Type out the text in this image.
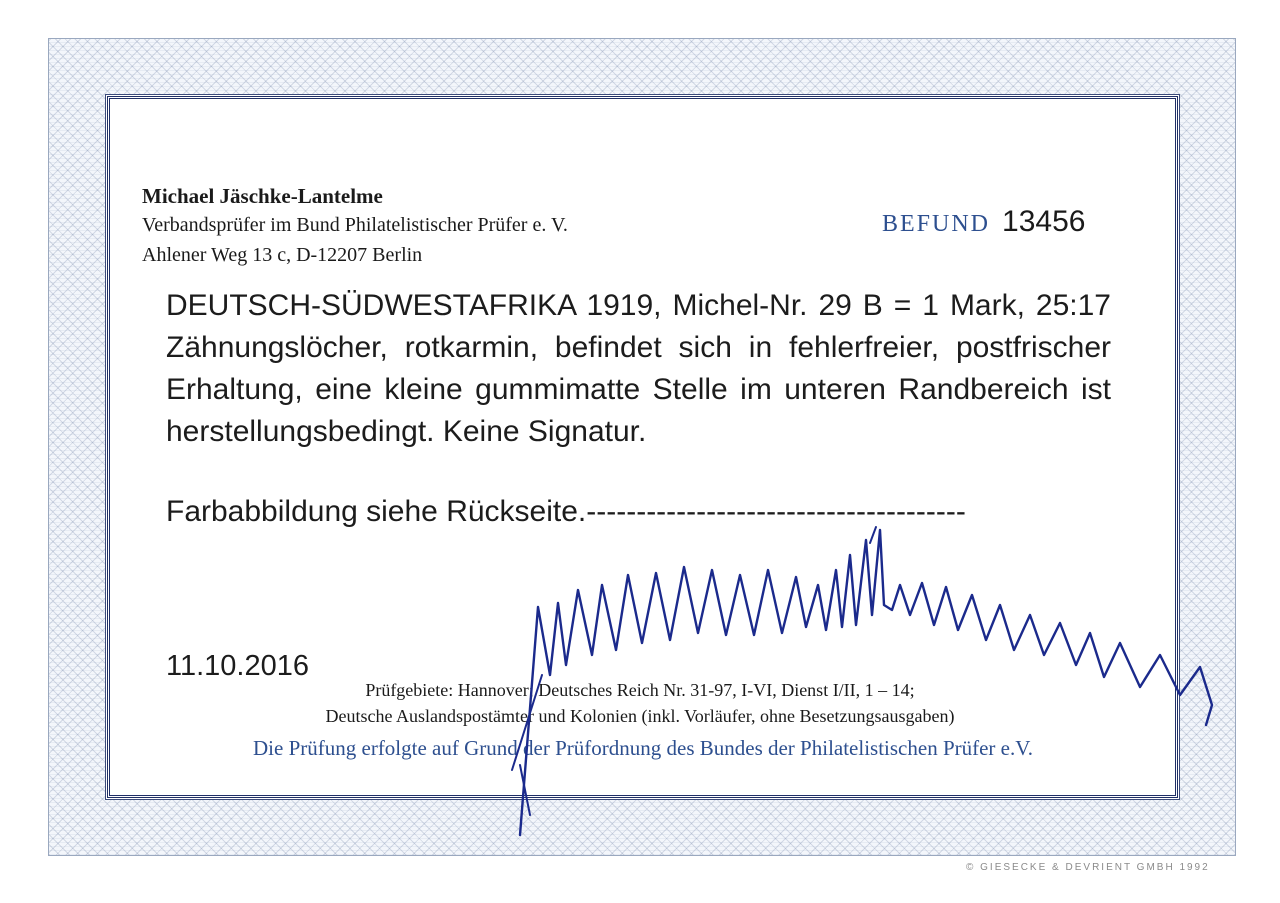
Michael Jäschke-Lantelme
Verbandsprüfer im Bund Philatelistischer Prüfer e. V.
Ahlener Weg 13 c, D-12207 Berlin
BEFUND 13456
DEUTSCH-SÜDWESTAFRIKA 1919, Michel-Nr. 29 B = 1 Mark, 25:17 Zähnungslöcher, rotkarmin, befindet sich in fehlerfreier, postfrischer Erhaltung, eine kleine gummimatte Stelle im unteren Randbereich ist herstellungsbedingt. Keine Signatur.
Farbabbildung siehe Rückseite.--------------------------------------
11.10.2016
Prüfgebiete: Hannover; Deutsches Reich Nr. 31-97, I-VI, Dienst I/II, 1 – 14;
Deutsche Auslandspostämter und Kolonien (inkl. Vorläufer, ohne Besetzungsausgaben)
Die Prüfung erfolgte auf Grund der Prüfordnung des Bundes der Philatelistischen Prüfer e.V.
© GIESECKE & DEVRIENT GMBH 1992
